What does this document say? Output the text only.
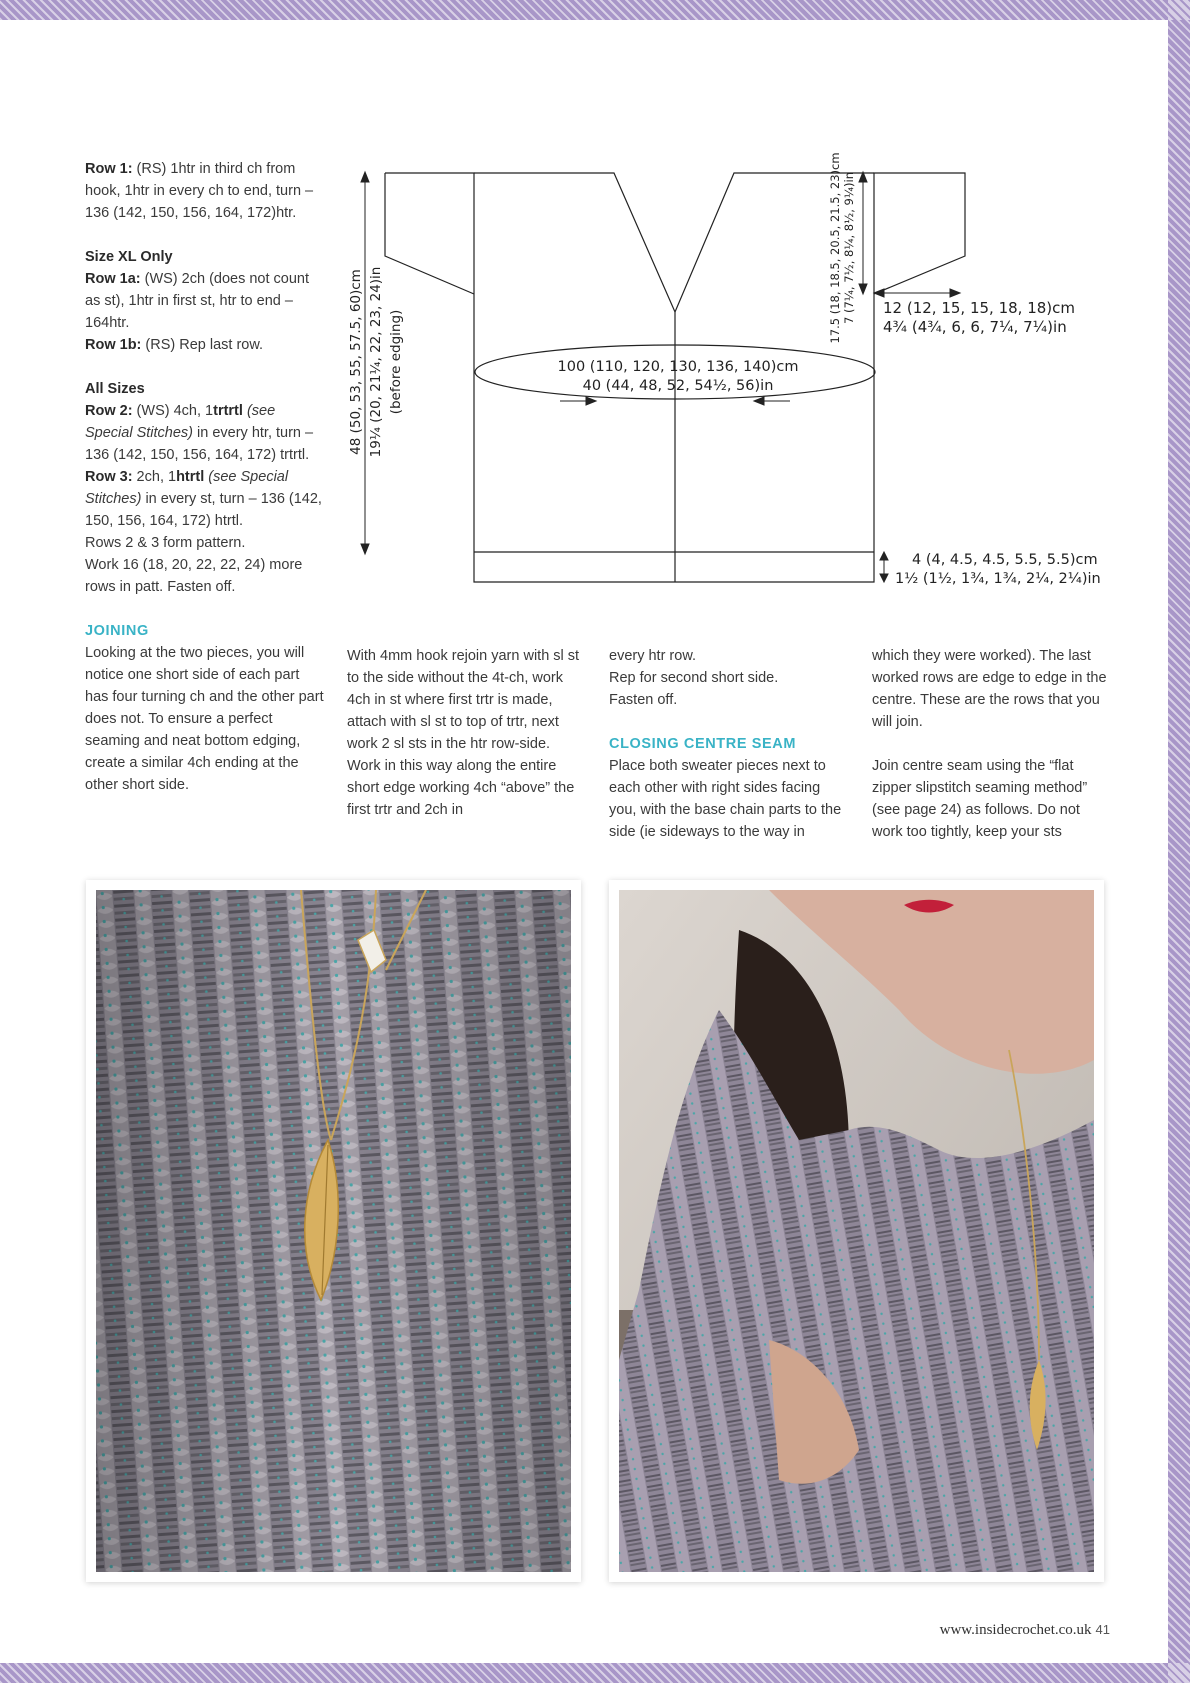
Row 1: (RS) 1htr in third ch from hook, 1htr in every ch to end, turn – 136 (142, 150, 156, 164, 172)htr.

Size XL Only

Row 1a: (WS) 2ch (does not count as st), 1htr in first st, htr to end – 164htr.

Row 1b: (RS) Rep last row.

All Sizes

Row 2: (WS) 4ch, 1trtrtl (see Special Stitches) in every htr, turn – 136 (142, 150, 156, 164, 172) trtrtl.

Row 3: 2ch, 1htrtl (see Special Stitches) in every st, turn – 136 (142, 150, 156, 164, 172) htrtl.

Rows 2 & 3 form pattern.

Work 16 (18, 20, 22, 22, 24) more rows in patt. Fasten off.

JOINING

Looking at the two pieces, you will notice one short side of each part has four turning ch and the other part does not. To ensure a perfect seaming and neat bottom edging, create a similar 4ch ending at the other short side.

48 (50, 53, 55, 57.5, 60)cm 19¼ (20, 21¼, 22, 23, 24)in (before edging)
17.5 (18, 18.5, 20.5, 21.5, 23)cm 7 (7¼, 7½, 8¼, 8½, 9¼)in 12 (12, 15, 15, 18, 18)cm
4¾ (4¾, 6, 6, 7¼, 7¼)in
100 (110, 120, 130, 136, 140)cm
40 (44, 48, 52, 54½, 56)in
4 (4, 4.5, 4.5, 5.5, 5.5)cm
1½ (1½, 1¾, 1¾, 2¼, 2¼)in

With 4mm hook rejoin yarn with sl st to the side without the 4t-ch, work 4ch in st where first trtr is made, attach with sl st to top of trtr, next work 2 sl sts in the htr row-side.

Work in this way along the entire short edge working 4ch “above” the first trtr and 2ch in

every htr row.

Rep for second short side.

Fasten off.

CLOSING CENTRE SEAM

Place both sweater pieces next to each other with right sides facing you, with the base chain parts to the side (ie sideways to the way in

which they were worked). The last worked rows are edge to edge in the centre. These are the rows that you will join.

Join centre seam using the “flat zipper slipstitch seaming method” (see page 24) as follows. Do not work too tightly, keep your sts

www.insidecrochet.co.uk 41
